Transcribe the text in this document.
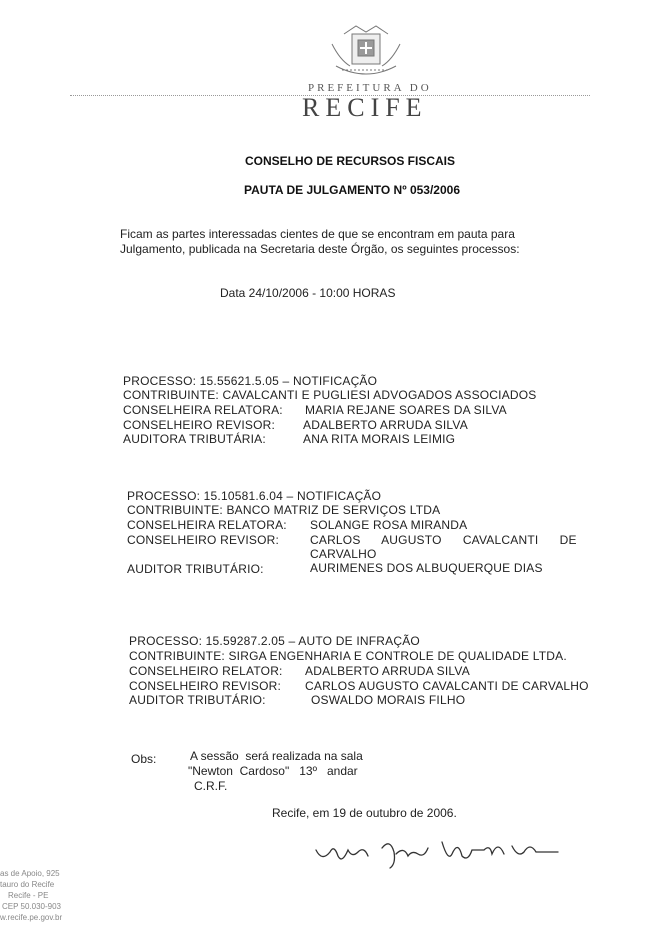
PREFEITURA DO
RECIFE
CONSELHO DE RECURSOS FISCAIS
PAUTA DE JULGAMENTO Nº 053/2006
Ficam as partes interessadas cientes de que se encontram em pauta para
Julgamento, publicada na Secretaria deste Órgão, os seguintes processos:
Data 24/10/2006 - 10:00 HORAS
PROCESSO: 15.55621.5.05 – NOTIFICAÇÃO
CONTRIBUINTE: CAVALCANTI E PUGLIESI ADVOGADOS ASSOCIADOS
CONSELHEIRA RELATORA: MARIA REJANE SOARES DA SILVA
CONSELHEIRO REVISOR: ADALBERTO ARRUDA SILVA
AUDITORA TRIBUTÁRIA:	ANA RITA MORAIS LEIMIG
PROCESSO: 15.10581.6.04 – NOTIFICAÇÃO
CONTRIBUINTE: BANCO MATRIZ DE SERVIÇOS LTDA
CONSELHEIRA RELATORA: SOLANGE ROSA MIRANDA
CONSELHEIRO REVISOR:	CARLOS      AUGUSTO      CAVALCANTI      DE
CARVALHO
AUDITOR TRIBUTÁRIO:	AURIMENES DOS ALBUQUERQUE DIAS
PROCESSO: 15.59287.2.05 – AUTO DE INFRAÇÃO
CONTRIBUINTE: SIRGA ENGENHARIA E CONTROLE DE QUALIDADE LTDA.
CONSELHEIRO RELATOR: ADALBERTO ARRUDA SILVA
CONSELHEIRO REVISOR: CARLOS AUGUSTO CAVALCANTI DE CARVALHO
AUDITOR TRIBUTÁRIO:	OSWALDO MORAIS FILHO
Obs:	A sessão  será realizada na sala
"Newton  Cardoso"   13º   andar
C.R.F.
Recife, em 19 de outubro de 2006.
as de Apoio, 925
tauro do Recife
Recife - PE
CEP 50.030-903
w.recife.pe.gov.br
